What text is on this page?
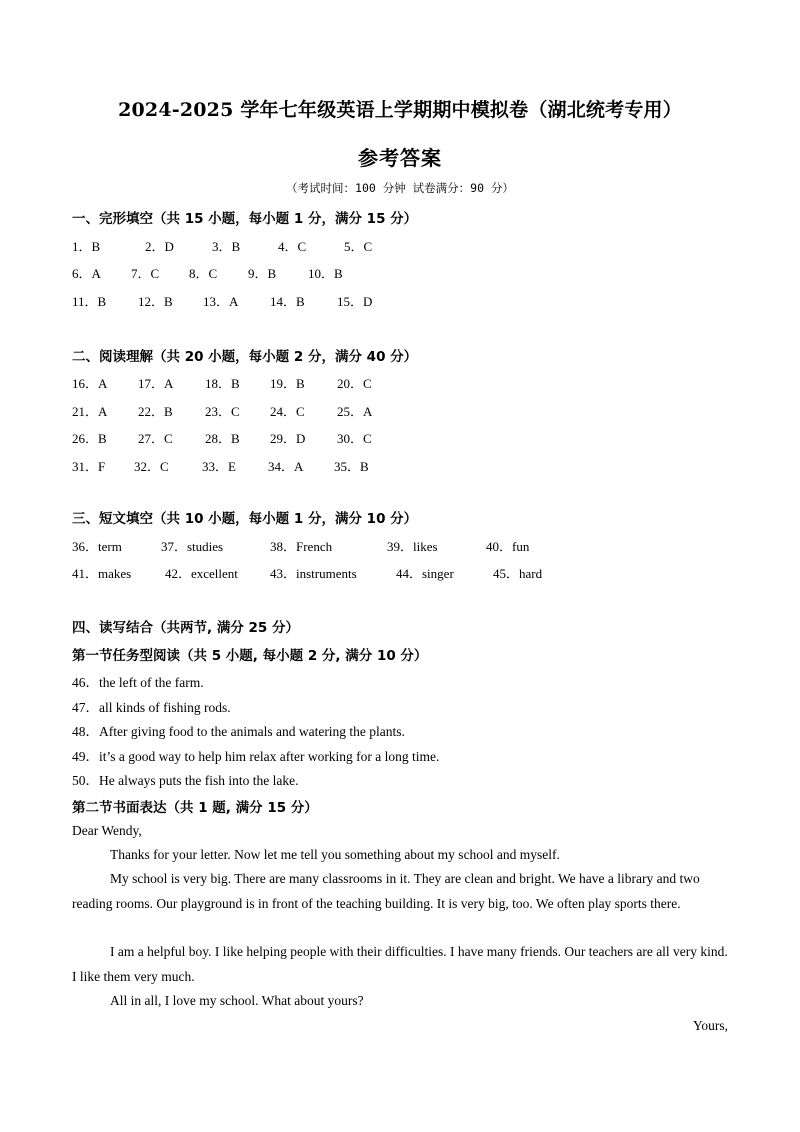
2024-2025 学年七年级英语上学期期中模拟卷（湖北统考专用）
参考答案
（考试时间：100 分钟 试卷满分：90 分）
一、完形填空（共 15 小题，每小题 1 分，满分 15 分）
1．B	2．D	3．B	4．C	5．C
6．A 7．C 8．C 9．B 10．B
11．B 12．B 13．A 14．B 15．D
二、阅读理解（共 20 小题，每小题 2 分，满分 40 分）
16．A 17．A 18．B 19．B 20．C
21．A 22．B 23．C 24．C 25．A
26．B 27．C 28．B 29．D 30．C
31．F 32．C	33．E 34．A 35．B
三、短文填空（共 10 小题，每小题 1 分，满分 10 分）
36．term	37．studies	38．French	39．likes	40．fun
41．makes	42．excellent 43．instruments	44．singer	45．hard
四、读写结合（共两节, 满分 25 分）
第一节任务型阅读（共 5 小题, 每小题 2 分, 满分 10 分）
46．the left of the farm.
47．all kinds of fishing rods.
48．After giving food to the animals and watering the plants.
49．it’s a good way to help him relax after working for a long time.
50．He always puts the fish into the lake.
第二节书面表达（共 1 题, 满分 15 分）
Dear Wendy,
Thanks for your letter. Now let me tell you something about my school and myself.
My school is very big. There are many classrooms in it. They are clean and bright. We have a library and two reading rooms. Our playground is in front of the teaching building. It is very big, too. We often play sports there.
I am a helpful boy. I like helping people with their difficulties. I have many friends. Our teachers are all very kind. I like them very much.
All in all, I love my school. What about yours?
Yours,
